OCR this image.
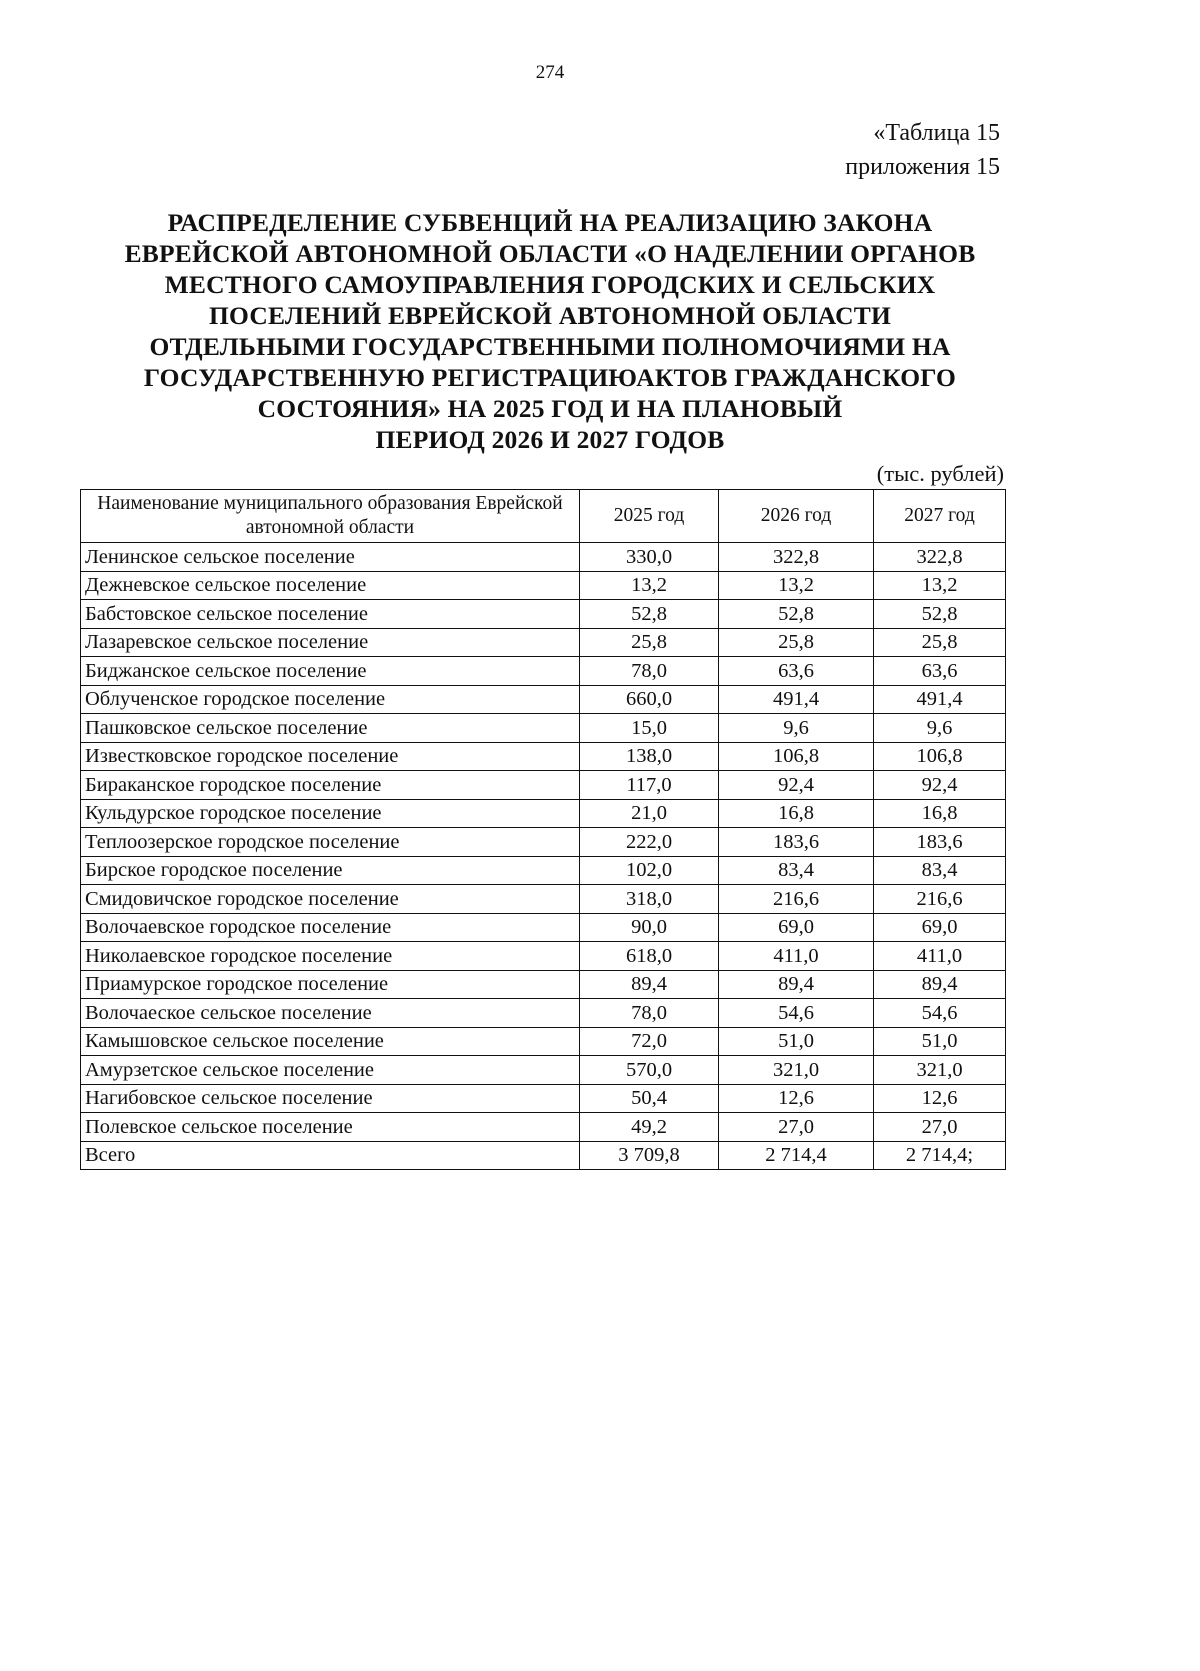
274
«Таблица 15
приложения 15
РАСПРЕДЕЛЕНИЕ СУБВЕНЦИЙ НА РЕАЛИЗАЦИЮ ЗАКОНА
ЕВРЕЙСКОЙ АВТОНОМНОЙ ОБЛАСТИ «О НАДЕЛЕНИИ ОРГАНОВ
МЕСТНОГО САМОУПРАВЛЕНИЯ ГОРОДСКИХ И СЕЛЬСКИХ
ПОСЕЛЕНИЙ ЕВРЕЙСКОЙ АВТОНОМНОЙ ОБЛАСТИ
ОТДЕЛЬНЫМИ ГОСУДАРСТВЕННЫМИ ПОЛНОМОЧИЯМИ НА
ГОСУДАРСТВЕННУЮ РЕГИСТРАЦИЮАКТОВ ГРАЖДАНСКОГО
СОСТОЯНИЯ» НА 2025 ГОД И НА ПЛАНОВЫЙ
ПЕРИОД 2026 И 2027 ГОДОВ
(тыс. рублей)
Наименование муниципального образования Еврейской автономной области	2025 год	2026 год	2027 год
Ленинское сельское поселение	330,0	322,8	322,8
Дежневское сельское поселение	13,2	13,2	13,2
Бабстовское сельское поселение	52,8	52,8	52,8
Лазаревское сельское поселение	25,8	25,8	25,8
Биджанское сельское поселение	78,0	63,6	63,6
Облученское городское поселение	660,0	491,4	491,4
Пашковское сельское поселение	15,0	9,6	9,6
Известковское городское поселение	138,0	106,8	106,8
Бираканское городское поселение	117,0	92,4	92,4
Кульдурское городское поселение	21,0	16,8	16,8
Теплоозерское городское поселение	222,0	183,6	183,6
Бирское городское поселение	102,0	83,4	83,4
Смидовичское городское поселение	318,0	216,6	216,6
Волочаевское городское поселение	90,0	69,0	69,0
Николаевское городское поселение	618,0	411,0	411,0
Приамурское городское поселение	89,4	89,4	89,4
Волочаеское сельское поселение	78,0	54,6	54,6
Камышовское сельское поселение	72,0	51,0	51,0
Амурзетское сельское поселение	570,0	321,0	321,0
Нагибовское сельское поселение	50,4	12,6	12,6
Полевское сельское поселение	49,2	27,0	27,0
Всего	3 709,8	2 714,4	2 714,4;
